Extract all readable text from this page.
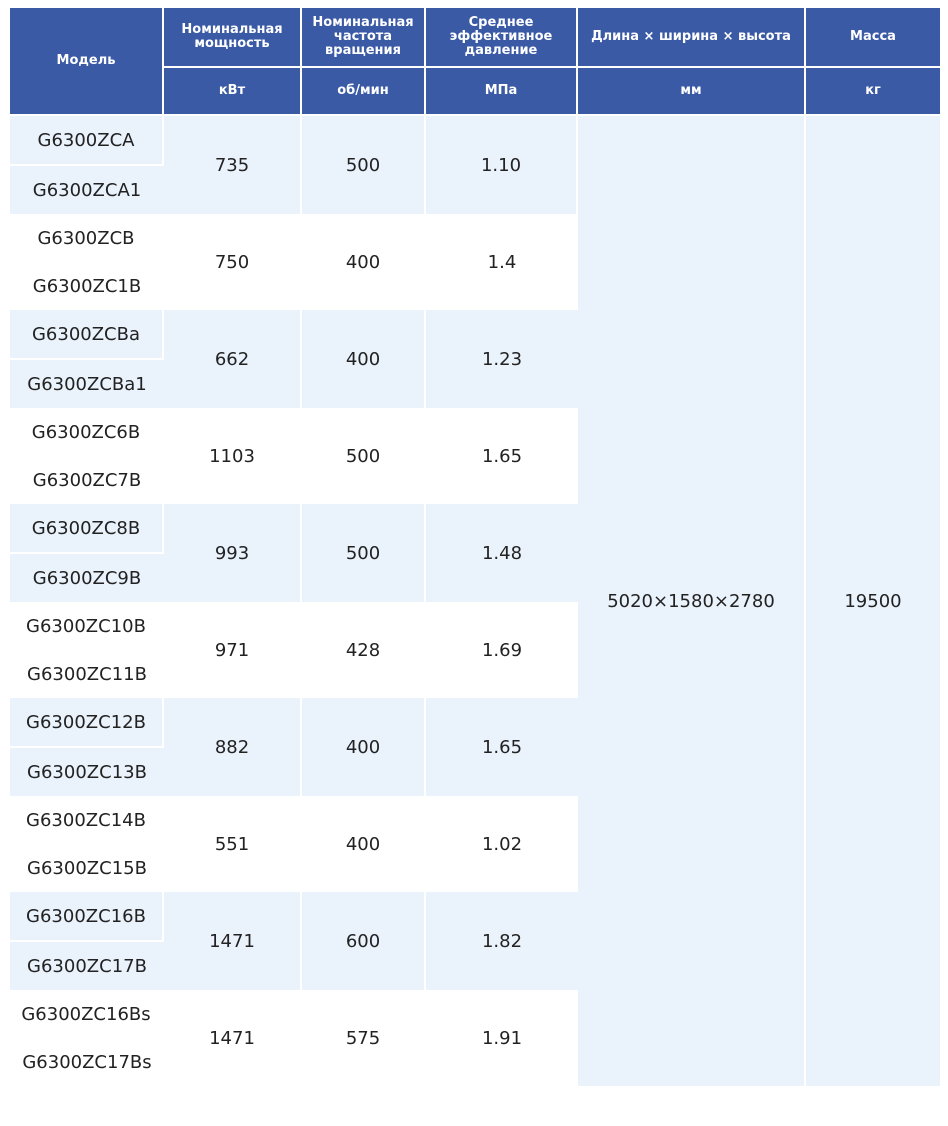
Модель	Номинальная мощность	Номинальная частота вращения	Среднее эффективное давление	Длина × ширина × высота	Масса
	кВт	об/мин	МПа	мм	кг
G6300ZCA	735	500	1.10	5020×1580×2780	19500
G6300ZCA1					
G6300ZCB	750	400	1.4		
G6300ZC1B					
G6300ZCBa	662	400	1.23		
G6300ZCBa1					
G6300ZC6B	1103	500	1.65		
G6300ZC7B					
G6300ZC8B	993	500	1.48		
G6300ZC9B					
G6300ZC10B	971	428	1.69		
G6300ZC11B					
G6300ZC12B	882	400	1.65		
G6300ZC13B					
G6300ZC14B	551	400	1.02		
G6300ZC15B					
G6300ZC16B	1471	600	1.82		
G6300ZC17B					
G6300ZC16Bs	1471	575	1.91		
G6300ZC17Bs					
